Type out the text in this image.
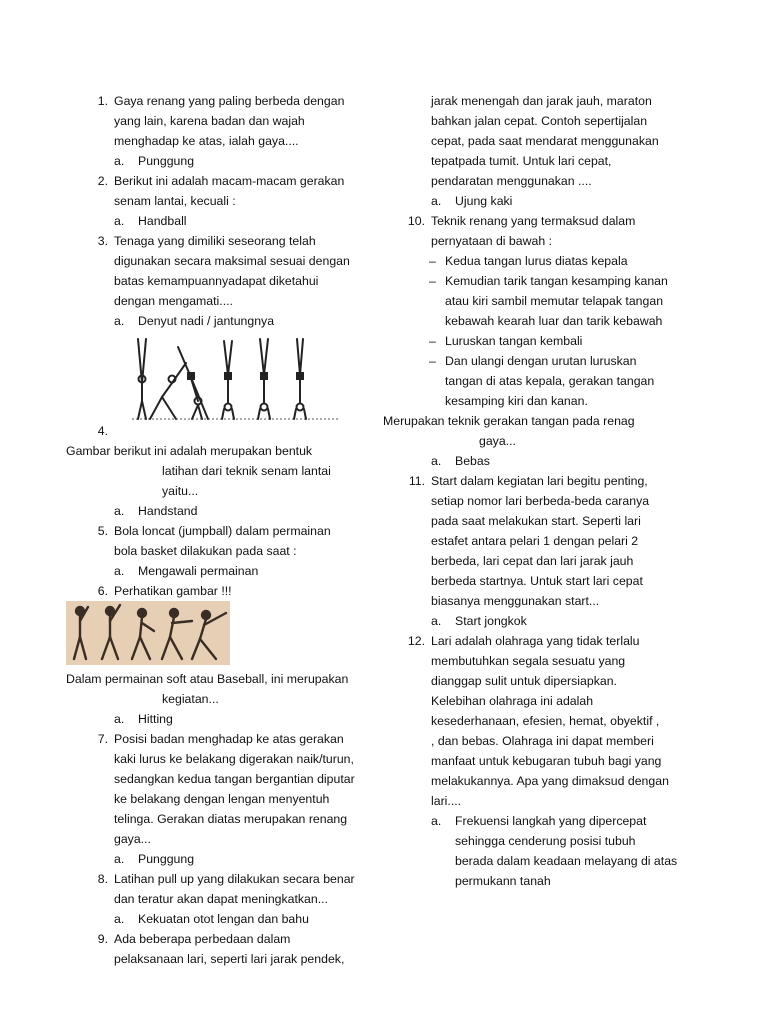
1. Gaya renang yang paling berbeda dengan
yang lain, karena badan dan wajah
menghadap ke atas, ialah gaya....
a. Punggung
2. Berikut ini adalah macam-macam gerakan
senam lantai, kecuali :
a. Handball
3. Tenaga yang dimiliki seseorang telah
digunakan secara maksimal sesuai dengan
batas kemampuannyadapat diketahui
dengan mengamati....
a. Denyut nadi / jantungnya
4.
Gambar berikut ini adalah merupakan bentuk
latihan dari teknik senam lantai yaitu...
a. Handstand
5. Bola loncat (jumpball) dalam permainan
bola basket dilakukan pada saat :
a. Mengawali permainan
6. Perhatikan gambar !!!
Dalam permainan soft atau Baseball, ini merupakan
kegiatan...
a. Hitting
7. Posisi badan menghadap ke atas gerakan
kaki lurus ke belakang digerakan naik/turun,
sedangkan kedua tangan bergantian diputar
ke belakang dengan lengan menyentuh
telinga. Gerakan diatas merupakan renang
gaya...
a. Punggung
8. Latihan pull up yang dilakukan secara benar
dan teratur akan dapat meningkatkan...
a. Kekuatan otot lengan dan bahu
9. Ada beberapa perbedaan dalam
pelaksanaan lari, seperti lari jarak pendek,
jarak menengah dan jarak jauh, maraton
bahkan jalan cepat. Contoh sepertijalan
cepat, pada saat mendarat menggunakan
tepatpada tumit. Untuk lari cepat,
pendaratan menggunakan ....
a. Ujung kaki
10. Teknik renang yang termaksud dalam
pernyataan di bawah :
– Kedua tangan lurus diatas kepala
– Kemudian tarik tangan kesamping kanan
atau kiri sambil memutar telapak tangan
kebawah kearah luar dan tarik kebawah
– Luruskan tangan kembali
– Dan ulangi dengan urutan luruskan
tangan di atas kepala, gerakan tangan
kesamping kiri dan kanan.
Merupakan teknik gerakan tangan pada renag
gaya...
a. Bebas
11. Start dalam kegiatan lari begitu penting,
setiap nomor lari berbeda-beda caranya
pada saat melakukan start. Seperti lari
estafet antara pelari 1 dengan pelari 2
berbeda, lari cepat dan lari jarak jauh
berbeda startnya. Untuk start lari cepat
biasanya menggunakan start...
a. Start jongkok
12. Lari adalah olahraga yang tidak terlalu
membutuhkan segala sesuatu yang
dianggap sulit untuk dipersiapkan.
Kelebihan olahraga ini adalah
kesederhanaan, efesien, hemat, obyektif ,
, dan bebas. Olahraga ini dapat memberi
manfaat untuk kebugaran tubuh bagi yang
melakukannya. Apa yang dimaksud dengan
lari....
a. Frekuensi langkah yang dipercepat
sehingga cenderung posisi tubuh
berada dalam keadaan melayang di atas
permukann tanah
